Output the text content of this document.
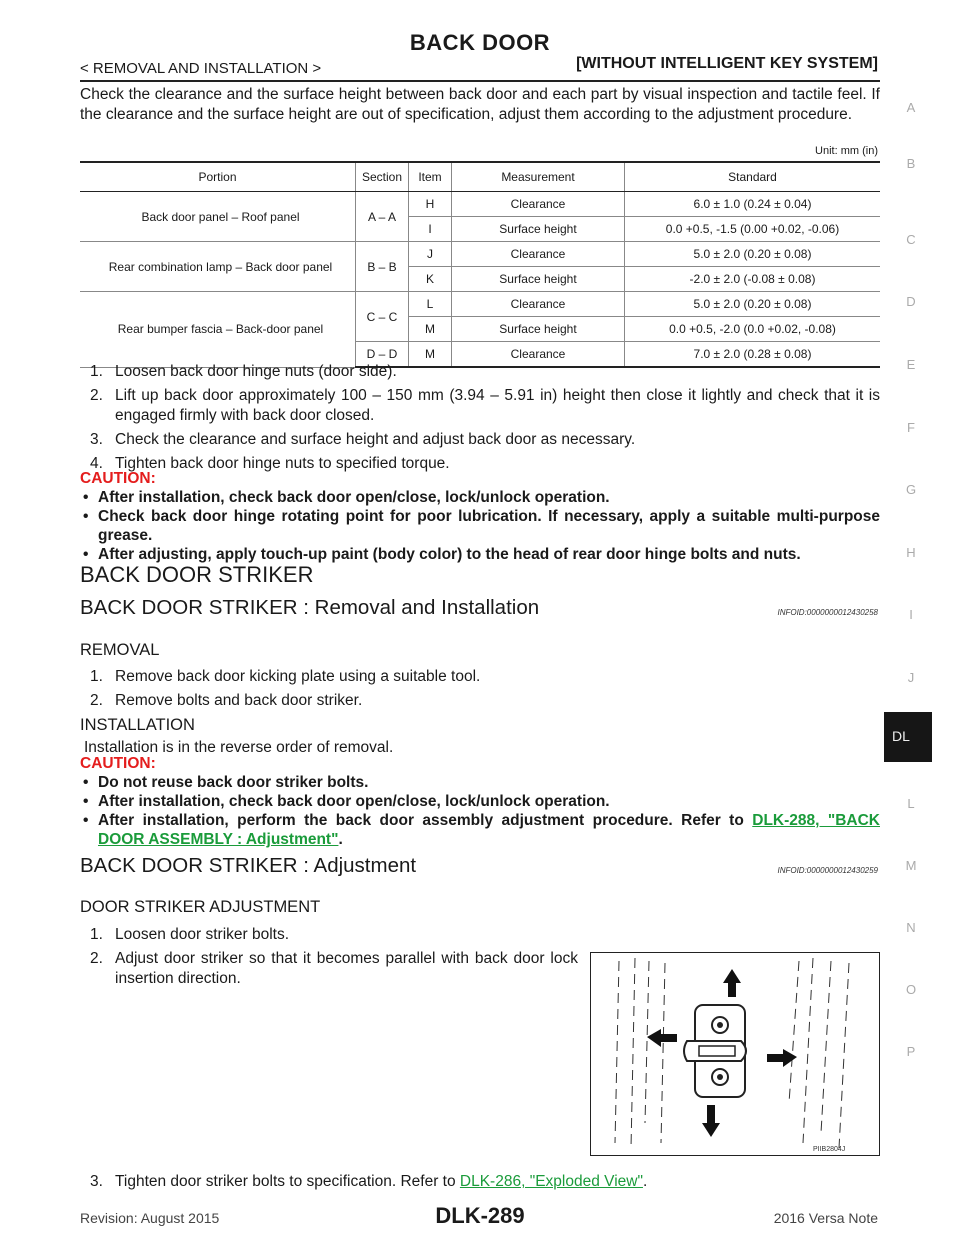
BACK DOOR
< REMOVAL AND INSTALLATION >	[WITHOUT INTELLIGENT KEY SYSTEM]
Check the clearance and the surface height between back door and each part by visual inspection and tactile feel. If the clearance and the surface height are out of specification, adjust them according to the adjustment procedure.
Unit: mm (in)
Portion	Section	Item	Measurement	Standard
Back door panel – Roof panel	A – A	H	Clearance	6.0 ± 1.0 (0.24 ± 0.04)
		I	Surface height	0.0 +0.5, -1.5 (0.00 +0.02, -0.06)
Rear combination lamp – Back door panel	B – B	J	Clearance	5.0 ± 2.0 (0.20 ± 0.08)
		K	Surface height	-2.0 ± 2.0 (-0.08 ± 0.08)
Rear bumper fascia – Back-door panel	C – C	L	Clearance	5.0 ± 2.0 (0.20 ± 0.08)
		M	Surface height	0.0 +0.5, -2.0 (0.0 +0.02, -0.08)
	D – D	M	Clearance	7.0 ± 2.0 (0.28 ± 0.08)
1. Loosen back door hinge nuts (door side).
2. Lift up back door approximately 100 – 150 mm (3.94 – 5.91 in) height then close it lightly and check that it is engaged firmly with back door closed.
3. Check the clearance and surface height and adjust back door as necessary.
4. Tighten back door hinge nuts to specified torque.
CAUTION:
• After installation, check back door open/close, lock/unlock operation.
• Check back door hinge rotating point for poor lubrication. If necessary, apply a suitable multi-purpose grease.
• After adjusting, apply touch-up paint (body color) to the head of rear door hinge bolts and nuts.
BACK DOOR STRIKER
BACK DOOR STRIKER : Removal and Installation	INFOID:0000000012430258
REMOVAL
1. Remove back door kicking plate using a suitable tool.
2. Remove bolts and back door striker.
INSTALLATION
Installation is in the reverse order of removal.
CAUTION:
• Do not reuse back door striker bolts.
• After installation, check back door open/close, lock/unlock operation.
• After installation, perform the back door assembly adjustment procedure. Refer to DLK-288, "BACK DOOR ASSEMBLY : Adjustment".
BACK DOOR STRIKER : Adjustment	INFOID:0000000012430259
DOOR STRIKER ADJUSTMENT
1. Loosen door striker bolts.
2. Adjust door striker so that it becomes parallel with back door lock insertion direction.
PIIB2804J
3. Tighten door striker bolts to specification. Refer to DLK-286, "Exploded View".
A
B
C
D
E
F
G
H
I
J
L
M
N
O
P
DL
Revision: August 2015	DLK-289	2016 Versa Note
